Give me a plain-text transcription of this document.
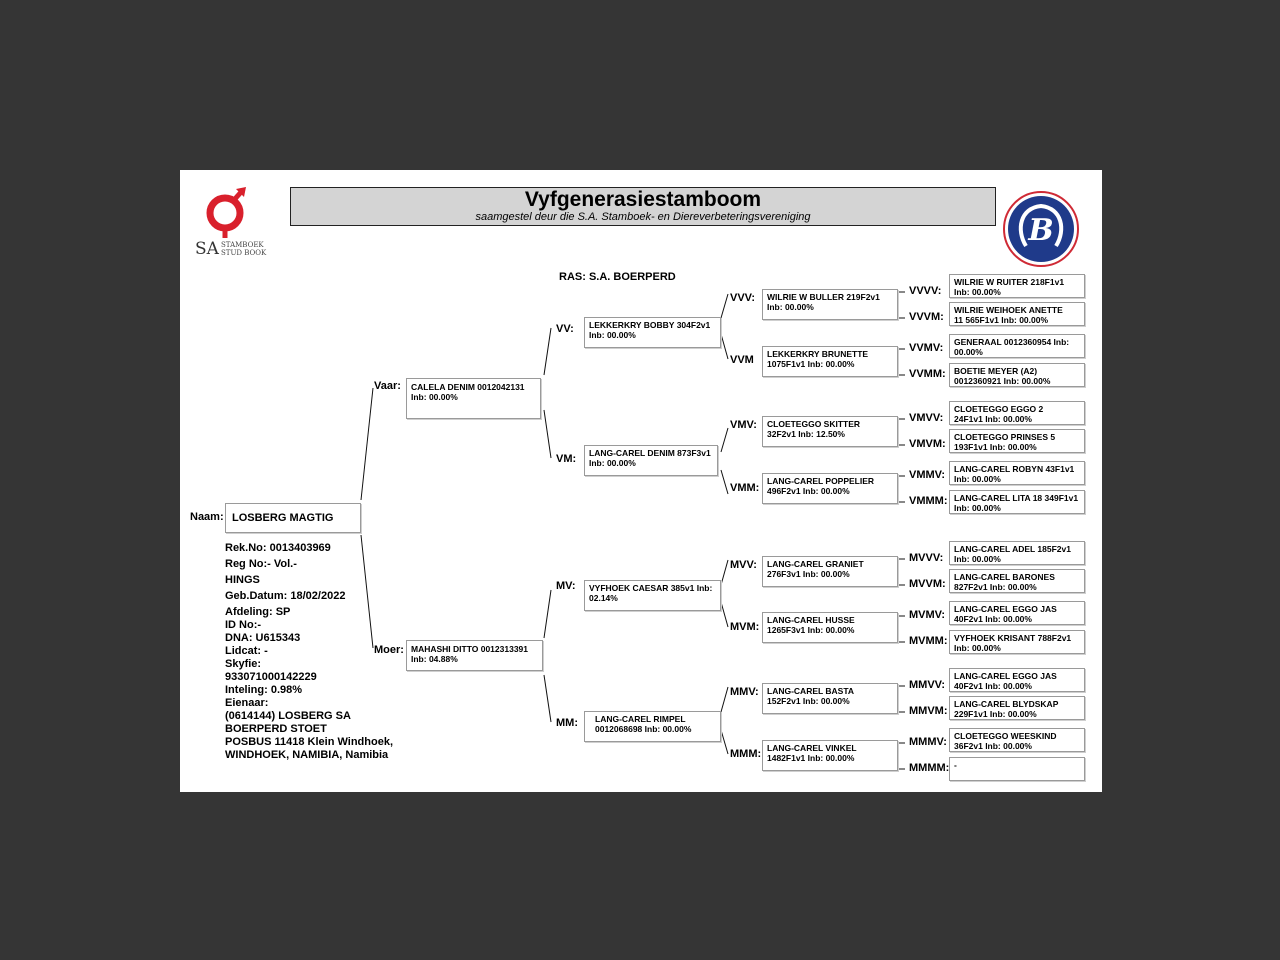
SA STAMBOEK
STUD BOOK
Vyfgenerasiestamboom
saamgestel deur die S.A. Stamboek- en Diereverbeteringsvereniging	B
RAS: S.A. BOERPERD
Naam: LOSBERG MAGTIG
Rek.No: 0013403969
Reg No:- Vol.-
HINGS
Geb.Datum: 18/02/2022
Afdeling: SP
ID No:-
DNA: U615343
Lidcat: -
Skyfie:
933071000142229
Inteling: 0.98%
Eienaar:
(0614144) LOSBERG SA
BOERPERD STOET
POSBUS 11418 Klein Windhoek,
WINDHOEK, NAMIBIA, Namibia
Vaar: CALELA DENIM 0012042131
Inb: 00.00%
Moer: MAHASHI DITTO 0012313391
Inb: 04.88%
VV: LEKKERKRY BOBBY 304F2v1
Inb: 00.00%
VM: LANG-CAREL DENIM 873F3v1
Inb: 00.00%
MV: VYFHOEK CAESAR 385v1 Inb:
02.14%
MM: LANG-CAREL RIMPEL
0012068698 Inb: 00.00%
VVV: WILRIE W BULLER 219F2v1
Inb: 00.00%
VVM LEKKERKRY BRUNETTE
1075F1v1 Inb: 00.00%
VMV: CLOETEGGO SKITTER
32F2v1 Inb: 12.50%
VMM:
LANG-CAREL POPPELIER
496F2v1 Inb: 00.00%
MVV: LANG-CAREL GRANIET
276F3v1 Inb: 00.00%
MVM:
LANG-CAREL HUSSE
1265F3v1 Inb: 00.00%
MMV: LANG-CAREL BASTA
152F2v1 Inb: 00.00%
MMM: LANG-CAREL VINKEL
1482F1v1 Inb: 00.00%
VVVV:
WILRIE W RUITER 218F1v1
Inb: 00.00%
VVVM:
WILRIE WEIHOEK ANETTE
11 565F1v1 Inb: 00.00%
VVMV: GENERAAL 0012360954 Inb:
00.00%
VVMM: BOETIE MEYER (A2)
0012360921 Inb: 00.00%
VMVV:
CLOETEGGO EGGO 2
24F1v1 Inb: 00.00%
VMVM:
CLOETEGGO PRINSES 5
193F1v1 Inb: 00.00%
VMMV: LANG-CAREL ROBYN 43F1v1
Inb: 00.00%
VMMM: LANG-CAREL LITA 18 349F1v1
Inb: 00.00%
MVVV:
LANG-CAREL ADEL 185F2v1
Inb: 00.00%
MVVM:
LANG-CAREL BARONES
827F2v1 Inb: 00.00%
MVMV: LANG-CAREL EGGO JAS
40F2v1 Inb: 00.00%
MVMM: VYFHOEK KRISANT 788F2v1
Inb: 00.00%
MMVV:
LANG-CAREL EGGO JAS
40F2v1 Inb: 00.00%
MMVM:
LANG-CAREL BLYDSKAP
229F1v1 Inb: 00.00%
MMMV: CLOETEGGO WEESKIND
36F2v1 Inb: 00.00%
MMMM: -
